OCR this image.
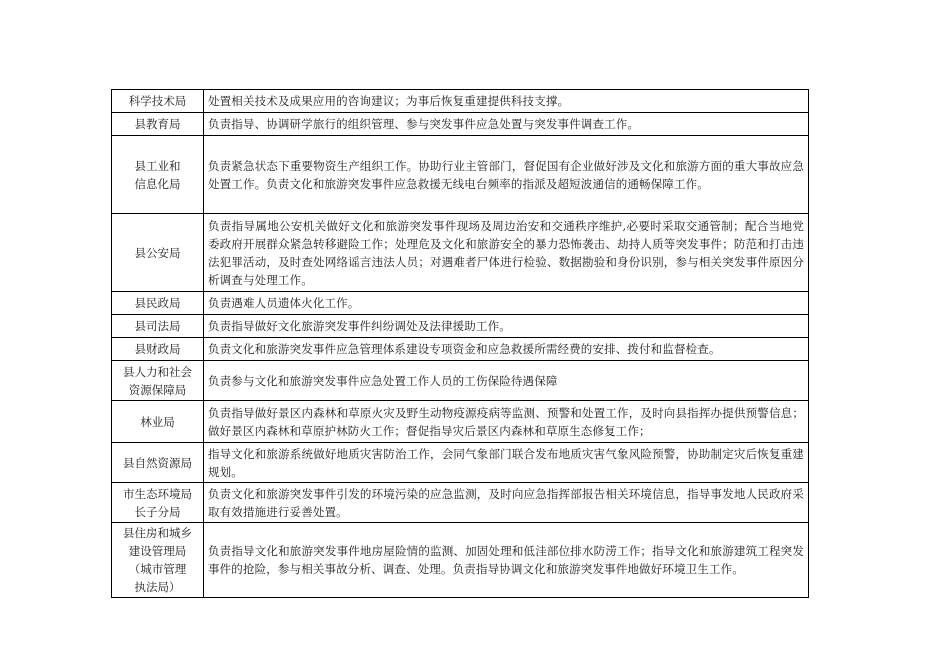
科学技术局	处置相关技术及成果应用的咨询建议；为事后恢复重建提供科技支撑。
县教育局	负责指导、协调研学旅行的组织管理、参与突发事件应急处置与突发事件调查工作。
县工业和
信息化局	负责紧急状态下重要物资生产组织工作。协助行业主管部门，督促国有企业做好涉及文化和旅游方面的重大事故应急处置工作。负责文化和旅游突发事件应急救援无线电台频率的指派及超短波通信的通畅保障工作。
县公安局	负责指导属地公安机关做好文化和旅游突发事件现场及周边治安和交通秩序维护,必要时采取交通管制；配合当地党委政府开展群众紧急转移避险工作；处理危及文化和旅游安全的暴力恐怖袭击、劫持人质等突发事件；防范和打击违法犯罪活动，及时查处网络谣言违法人员；对遇难者尸体进行检验、数据勘验和身份识别，参与相关突发事件原因分析调查与处理工作。
县民政局	负责遇难人员遗体火化工作。
县司法局	负责指导做好文化旅游突发事件纠纷调处及法律援助工作。
县财政局	负责文化和旅游突发事件应急管理体系建设专项资金和应急救援所需经费的安排、拨付和监督检查。
县人力和社会
资源保障局	负责参与文化和旅游突发事件应急处置工作人员的工伤保险待遇保障
林业局	负责指导做好景区内森林和草原火灾及野生动物疫源疫病等监测、预警和处置工作，及时向县指挥办提供预警信息；做好景区内森林和草原护林防火工作；督促指导灾后景区内森林和草原生态修复工作；
县自然资源局	指导文化和旅游系统做好地质灾害防治工作，会同气象部门联合发布地质灾害气象风险预警，协助制定灾后恢复重建规划。
市生态环境局
长子分局	负责文化和旅游突发事件引发的环境污染的应急监测，及时向应急指挥部报告相关环境信息，指导事发地人民政府采取有效措施进行妥善处置。
县住房和城乡
建设管理局
（城市管理
执法局）	负责指导文化和旅游突发事件地房屋险情的监测、加固处理和低洼部位排水防涝工作；指导文化和旅游建筑工程突发事件的抢险，参与相关事故分析、调查、处理。负责指导协调文化和旅游突发事件地做好环境卫生工作。
